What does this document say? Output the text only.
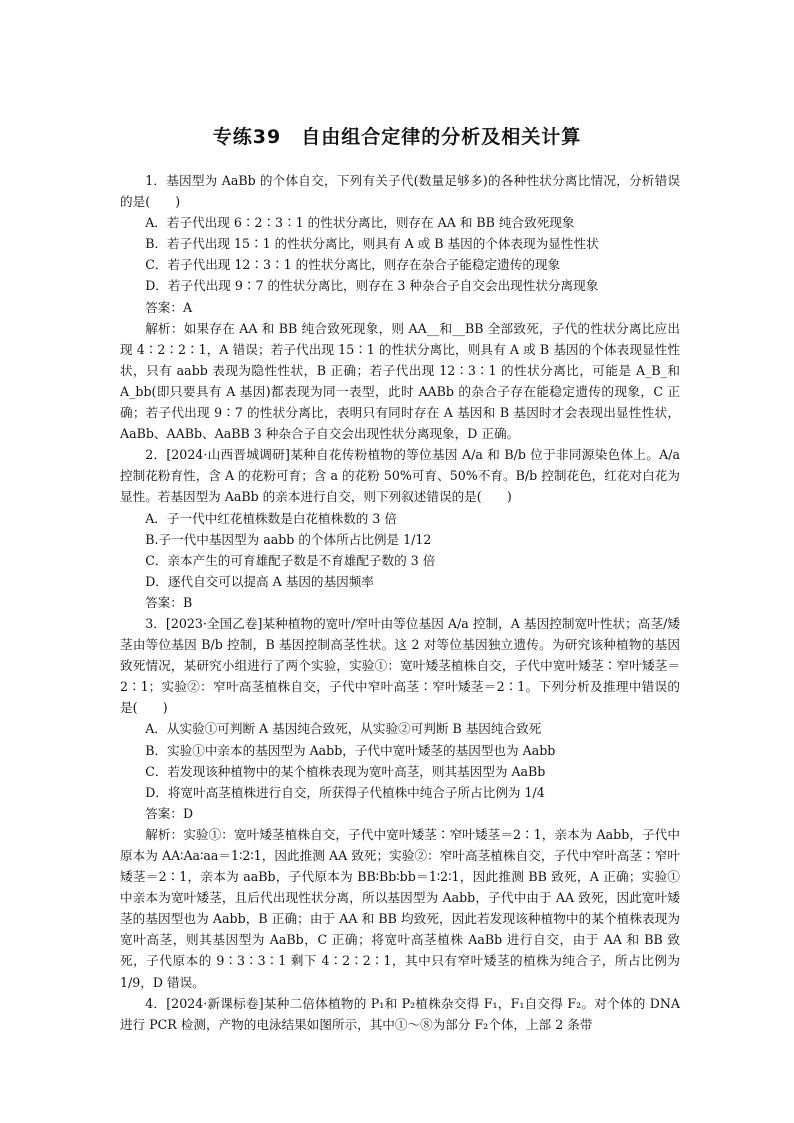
专练39　自由组合定律的分析及相关计算

1．基因型为 AaBb 的个体自交，下列有关子代(数量足够多)的各种性状分离比情况，分析错误的是(　　)

A．若子代出现 6∶2∶3∶1 的性状分离比，则存在 AA 和 BB 纯合致死现象

B．若子代出现 15∶1 的性状分离比，则具有 A 或 B 基因的个体表现为显性性状

C．若子代出现 12∶3∶1 的性状分离比，则存在杂合子能稳定遗传的现象

D．若子代出现 9∶7 的性状分离比，则存在 3 种杂合子自交会出现性状分离现象

答案：A

解析：如果存在 AA 和 BB 纯合致死现象，则 AA__和__BB 全部致死，子代的性状分离比应出现 4∶2∶2∶1，A 错误；若子代出现 15∶1 的性状分离比，则具有 A 或 B 基因的个体表现显性性状，只有 aabb 表现为隐性性状，B 正确；若子代出现 12∶3∶1 的性状分离比，可能是 A_B_和 A_bb(即只要具有 A 基因)都表现为同一表型，此时 AABb 的杂合子存在能稳定遗传的现象，C 正确；若子代出现 9∶7 的性状分离比，表明只有同时存在 A 基因和 B 基因时才会表现出显性性状，AaBb、AABb、AaBB 3 种杂合子自交会出现性状分离现象，D 正确。

2．[2024·山西晋城调研]某种自花传粉植物的等位基因 A/a 和 B/b 位于非同源染色体上。A/a 控制花粉育性，含 A 的花粉可育；含 a 的花粉 50%可育、50%不育。B/b 控制花色，红花对白花为显性。若基因型为 AaBb 的亲本进行自交，则下列叙述错误的是(　　)

A．子一代中红花植株数是白花植株数的 3 倍

B.子一代中基因型为 aabb 的个体所占比例是 1/12

C．亲本产生的可育雄配子数是不育雄配子数的 3 倍

D．逐代自交可以提高 A 基因的基因频率

答案：B

3．[2023·全国乙卷]某种植物的宽叶/窄叶由等位基因 A/a 控制，A 基因控制宽叶性状；高茎/矮茎由等位基因 B/b 控制，B 基因控制高茎性状。这 2 对等位基因独立遗传。为研究该种植物的基因致死情况，某研究小组进行了两个实验，实验①：宽叶矮茎植株自交，子代中宽叶矮茎∶窄叶矮茎＝2∶1；实验②：窄叶高茎植株自交，子代中窄叶高茎∶窄叶矮茎＝2∶1。下列分析及推理中错误的是(　　)

A．从实验①可判断 A 基因纯合致死，从实验②可判断 B 基因纯合致死

B．实验①中亲本的基因型为 Aabb，子代中宽叶矮茎的基因型也为 Aabb

C．若发现该种植物中的某个植株表现为宽叶高茎，则其基因型为 AaBb

D．将宽叶高茎植株进行自交，所获得子代植株中纯合子所占比例为 1/4

答案：D

解析：实验①：宽叶矮茎植株自交，子代中宽叶矮茎∶窄叶矮茎＝2∶1，亲本为 Aabb，子代中原本为 AA∶Aa∶aa＝1∶2∶1，因此推测 AA 致死；实验②：窄叶高茎植株自交，子代中窄叶高茎∶窄叶矮茎＝2∶1，亲本为 aaBb，子代原本为 BB∶Bb∶bb＝1∶2∶1，因此推测 BB 致死，A 正确；实验①中亲本为宽叶矮茎，且后代出现性状分离，所以基因型为 Aabb，子代中由于 AA 致死，因此宽叶矮茎的基因型也为 Aabb，B 正确；由于 AA 和 BB 均致死，因此若发现该种植物中的某个植株表现为宽叶高茎，则其基因型为 AaBb，C 正确；将宽叶高茎植株 AaBb 进行自交，由于 AA 和 BB 致死，子代原本的 9∶3∶3∶1 剩下 4∶2∶2∶1，其中只有窄叶矮茎的植株为纯合子，所占比例为 1/9，D 错误。

4．[2024·新课标卷]某种二倍体植物的 P₁和 P₂植株杂交得 F₁，F₁自交得 F₂。对个体的 DNA 进行 PCR 检测，产物的电泳结果如图所示，其中①～⑧为部分 F₂个体，上部 2 条带
